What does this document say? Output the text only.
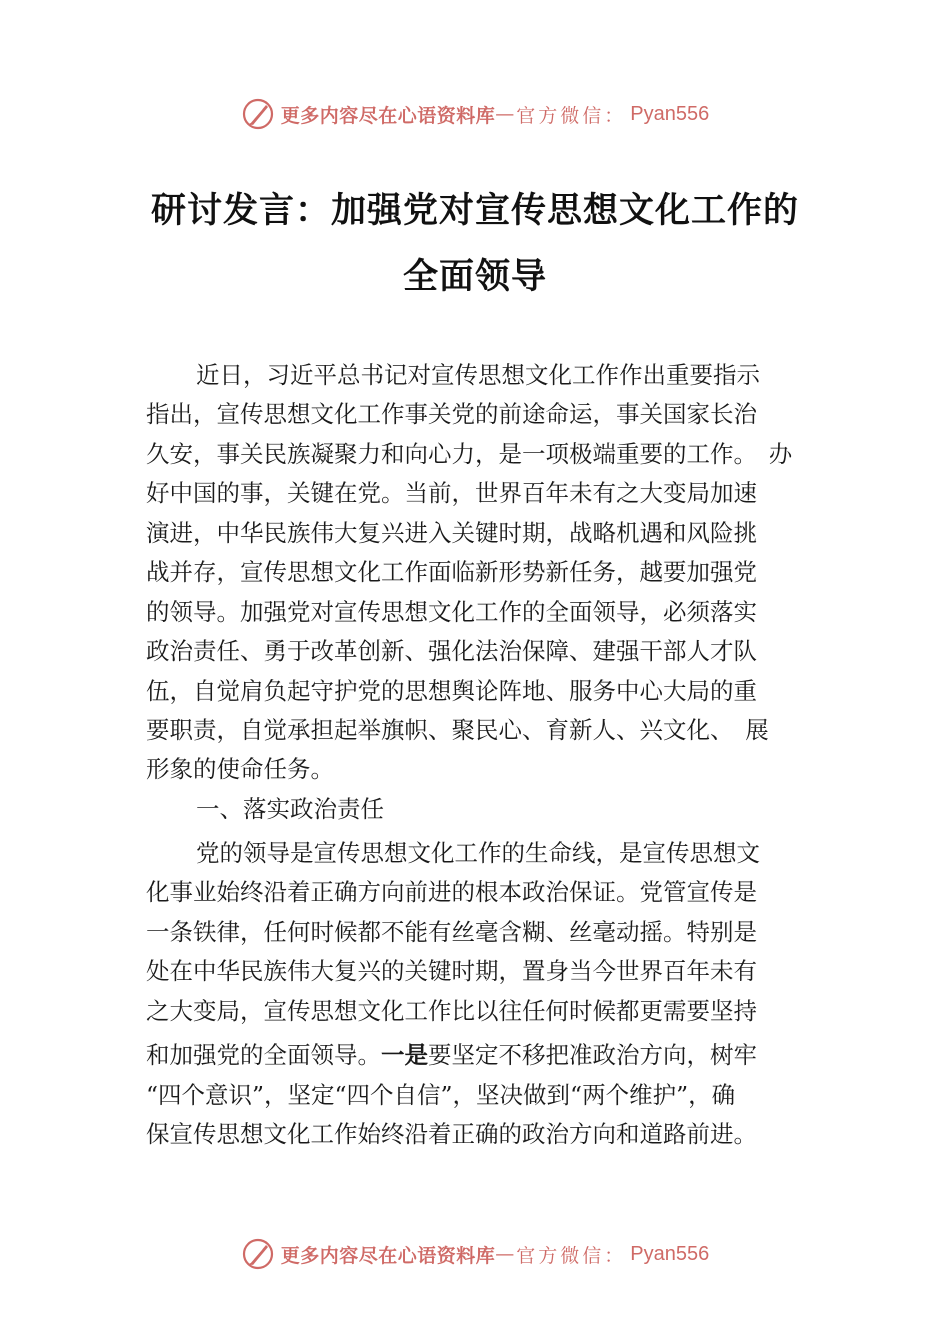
更多内容尽在心语资料库 — 官方微信： Pyan556
研讨发言：加强党对宣传思想文化工作的
全面领导
近日，习近平总书记对宣传思想文化工作作出重要指示
指出，宣传思想文化工作事关党的前途命运，事关国家长治
久安，事关民族凝聚力和向心力，是一项极端重要的工作。　办
好中国的事，关键在党。当前，世界百年未有之大变局加速
演进，中华民族伟大复兴进入关键时期，战略机遇和风险挑
战并存，宣传思想文化工作面临新形势新任务，越要加强党
的领导。加强党对宣传思想文化工作的全面领导，必须落实
政治责任、勇于改革创新、强化法治保障、建强干部人才队
伍，自觉肩负起守护党的思想舆论阵地、服务中心大局的重
要职责，自觉承担起举旗帜、聚民心、育新人、兴文化、　展
形象的使命任务。
一、落实政治责任
党的领导是宣传思想文化工作的生命线，是宣传思想文
化事业始终沿着正确方向前进的根本政治保证。党管宣传是
一条铁律，任何时候都不能有丝毫含糊、丝毫动摇。特别是
处在中华民族伟大复兴的关键时期，置身当今世界百年未有
之大变局，宣传思想文化工作比以往任何时候都更需要坚持
和加强党的全面领导。一是要坚定不移把准政治方向，树牢
“四个意识”，坚定“四个自信”，坚决做到“两个维护”，确
保宣传思想文化工作始终沿着正确的政治方向和道路前进。
更多内容尽在心语资料库 — 官方微信： Pyan556
